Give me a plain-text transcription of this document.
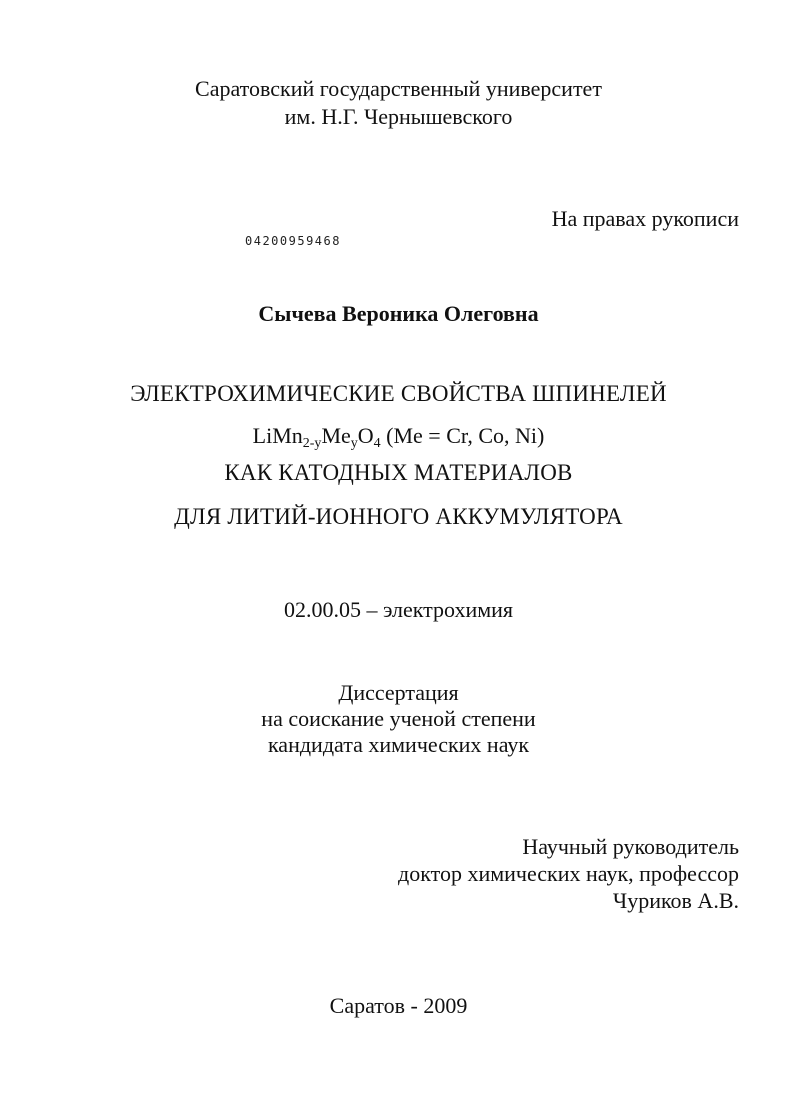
Саратовский государственный университет
им. Н.Г. Чернышевского
На правах рукописи
04200959468
Сычева Вероника Олеговна
ЭЛЕКТРОХИМИЧЕСКИЕ СВОЙСТВА ШПИНЕЛЕЙ
$LiMn_{2-y}Me_yO_4$ (Me = Cr, Co, Ni)
КАК КАТОДНЫХ МАТЕРИАЛОВ
ДЛЯ ЛИТИЙ-ИОННОГО АККУМУЛЯТОРА
02.00.05 – электрохимия
Диссертация
на соискание ученой степени
кандидата химических наук
Научный руководитель
доктор химических наук, профессор
Чуриков А.В.
Саратов - 2009
